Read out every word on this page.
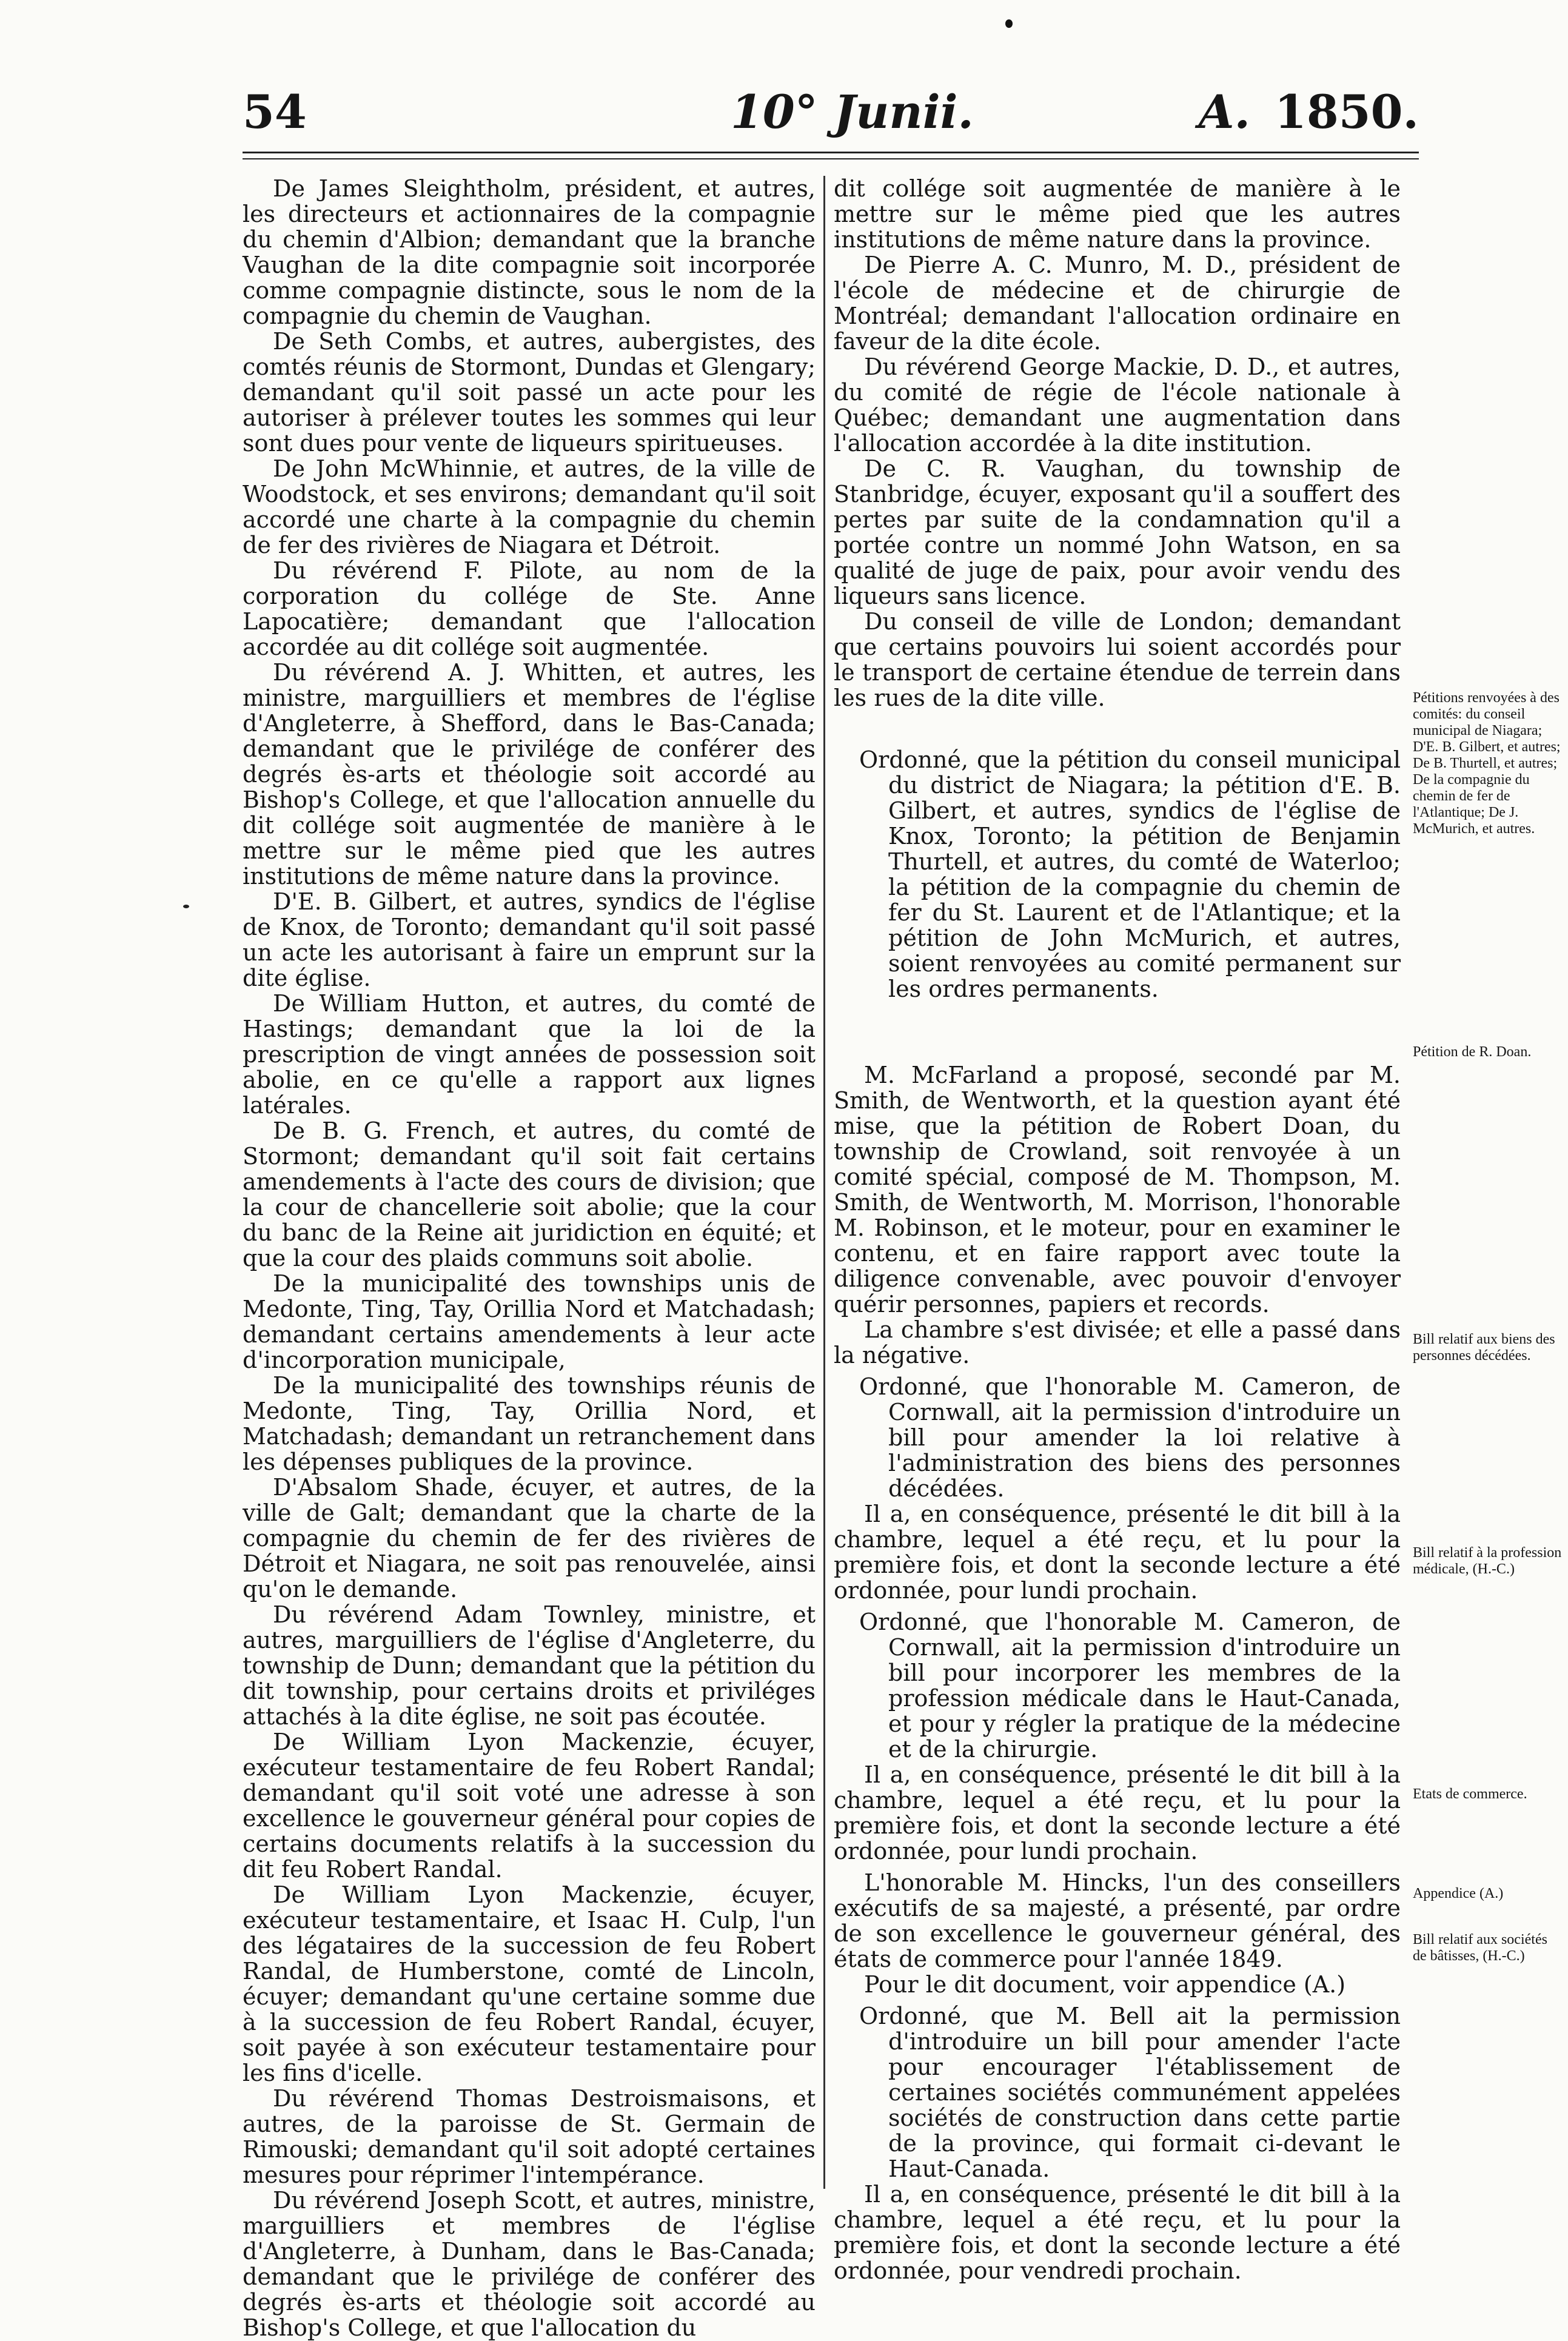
54	10° Junii.	A. 1850.

De James Sleightholm, président, et autres, les directeurs et actionnaires de la compagnie du chemin d'Albion; demandant que la branche Vaughan de la dite compagnie soit incorporée comme compagnie distincte, sous le nom de la compagnie du chemin de Vaughan.

De Seth Combs, et autres, aubergistes, des comtés réunis de Stormont, Dundas et Glengary; demandant qu'il soit passé un acte pour les autoriser à prélever toutes les sommes qui leur sont dues pour vente de liqueurs spiritueuses.

De John McWhinnie, et autres, de la ville de Woodstock, et ses environs; demandant qu'il soit accordé une charte à la compagnie du chemin de fer des rivières de Niagara et Détroit.

Du révérend F. Pilote, au nom de la corporation du collége de Ste. Anne Lapocatière; demandant que l'allocation accordée au dit collége soit augmentée.

Du révérend A. J. Whitten, et autres, les ministre, marguilliers et membres de l'église d'Angleterre, à Shefford, dans le Bas-Canada; demandant que le privilége de conférer des degrés ès-arts et théologie soit accordé au Bishop's College, et que l'allocation annuelle du dit collége soit augmentée de manière à le mettre sur le même pied que les autres institutions de même nature dans la province.

D'E. B. Gilbert, et autres, syndics de l'église de Knox, de Toronto; demandant qu'il soit passé un acte les autorisant à faire un emprunt sur la dite église.

De William Hutton, et autres, du comté de Hastings; demandant que la loi de la prescription de vingt années de possession soit abolie, en ce qu'elle a rapport aux lignes latérales.

De B. G. French, et autres, du comté de Stormont; demandant qu'il soit fait certains amendements à l'acte des cours de division; que la cour de chancellerie soit abolie; que la cour du banc de la Reine ait juridiction en équité; et que la cour des plaids communs soit abolie.

De la municipalité des townships unis de Medonte, Ting, Tay, Orillia Nord et Matchadash; demandant certains amendements à leur acte d'incorporation municipale,

De la municipalité des townships réunis de Medonte, Ting, Tay, Orillia Nord, et Matchadash; demandant un retranchement dans les dépenses publiques de la province.

D'Absalom Shade, écuyer, et autres, de la ville de Galt; demandant que la charte de la compagnie du chemin de fer des rivières de Détroit et Niagara, ne soit pas renouvelée, ainsi qu'on le demande.

Du révérend Adam Townley, ministre, et autres, marguilliers de l'église d'Angleterre, du township de Dunn; demandant que la pétition du dit township, pour certains droits et priviléges attachés à la dite église, ne soit pas écoutée.

De William Lyon Mackenzie, écuyer, exécuteur testamentaire de feu Robert Randal; demandant qu'il soit voté une adresse à son excellence le gouverneur général pour copies de certains documents relatifs à la succession du dit feu Robert Randal.

De William Lyon Mackenzie, écuyer, exécuteur testamentaire, et Isaac H. Culp, l'un des légataires de la succession de feu Robert Randal, de Humberstone, comté de Lincoln, écuyer; demandant qu'une certaine somme due à la succession de feu Robert Randal, écuyer, soit payée à son exécuteur testamentaire pour les fins d'icelle.

Du révérend Thomas Destroismaisons, et autres, de la paroisse de St. Germain de Rimouski; demandant qu'il soit adopté certaines mesures pour réprimer l'intempérance.

Du révérend Joseph Scott, et autres, ministre, marguilliers et membres de l'église d'Angleterre, à Dunham, dans le Bas-Canada; demandant que le privilége de conférer des degrés ès-arts et théologie soit accordé au Bishop's College, et que l'allocation du

dit collége soit augmentée de manière à le mettre sur le même pied que les autres institutions de même nature dans la province.

De Pierre A. C. Munro, M. D., président de l'école de médecine et de chirurgie de Montréal; demandant l'allocation ordinaire en faveur de la dite école.

Du révérend George Mackie, D. D., et autres, du comité de régie de l'école nationale à Québec; demandant une augmentation dans l'allocation accordée à la dite institution.

De C. R. Vaughan, du township de Stanbridge, écuyer, exposant qu'il a souffert des pertes par suite de la condamnation qu'il a portée contre un nommé John Watson, en sa qualité de juge de paix, pour avoir vendu des liqueurs sans licence.

Du conseil de ville de London; demandant que certains pouvoirs lui soient accordés pour le transport de certaine étendue de terrein dans les rues de la dite ville.

Ordonné, que la pétition du conseil municipal du district de Niagara; la pétition d'E. B. Gilbert, et autres, syndics de l'église de Knox, Toronto; la pétition de Benjamin Thurtell, et autres, du comté de Waterloo; la pétition de la compagnie du chemin de fer du St. Laurent et de l'Atlantique; et la pétition de John McMurich, et autres, soient renvoyées au comité permanent sur les ordres permanents.

M. McFarland a proposé, secondé par M. Smith, de Wentworth, et la question ayant été mise, que la pétition de Robert Doan, du township de Crowland, soit renvoyée à un comité spécial, composé de M. Thompson, M. Smith, de Wentworth, M. Morrison, l'honorable M. Robinson, et le moteur, pour en examiner le contenu, et en faire rapport avec toute la diligence convenable, avec pouvoir d'envoyer quérir personnes, papiers et records.

La chambre s'est divisée; et elle a passé dans la négative.

Ordonné, que l'honorable M. Cameron, de Cornwall, ait la permission d'introduire un bill pour amender la loi relative à l'administration des biens des personnes décédées.

Il a, en conséquence, présenté le dit bill à la chambre, lequel a été reçu, et lu pour la première fois, et dont la seconde lecture a été ordonnée, pour lundi prochain.

Ordonné, que l'honorable M. Cameron, de Cornwall, ait la permission d'introduire un bill pour incorporer les membres de la profession médicale dans le Haut-Canada, et pour y régler la pratique de la médecine et de la chirurgie.

Il a, en conséquence, présenté le dit bill à la chambre, lequel a été reçu, et lu pour la première fois, et dont la seconde lecture a été ordonnée, pour lundi prochain.

L'honorable M. Hincks, l'un des conseillers exécutifs de sa majesté, a présenté, par ordre de son excellence le gouverneur général, des états de commerce pour l'année 1849.

Pour le dit document, voir appendice (A.)

Ordonné, que M. Bell ait la permission d'introduire un bill pour amender l'acte pour encourager l'établissement de certaines sociétés communément appelées sociétés de construction dans cette partie de la province, qui formait ci-devant le Haut-Canada.

Il a, en conséquence, présenté le dit bill à la chambre, lequel a été reçu, et lu pour la première fois, et dont la seconde lecture a été ordonnée, pour vendredi prochain.

Pétitions renvoyées à des comités: du conseil municipal de Niagara; D'E. B. Gilbert, et autres; De B. Thurtell, et autres; De la compagnie du chemin de fer de l'Atlantique; De J. McMurich, et autres.
Pétition de R. Doan.
Bill relatif aux biens des personnes décédées.
Bill relatif à la profession médicale, (H.-C.)
Etats de commerce.
Appendice (A.)
Bill relatif aux sociétés de bâtisses, (H.-C.)
